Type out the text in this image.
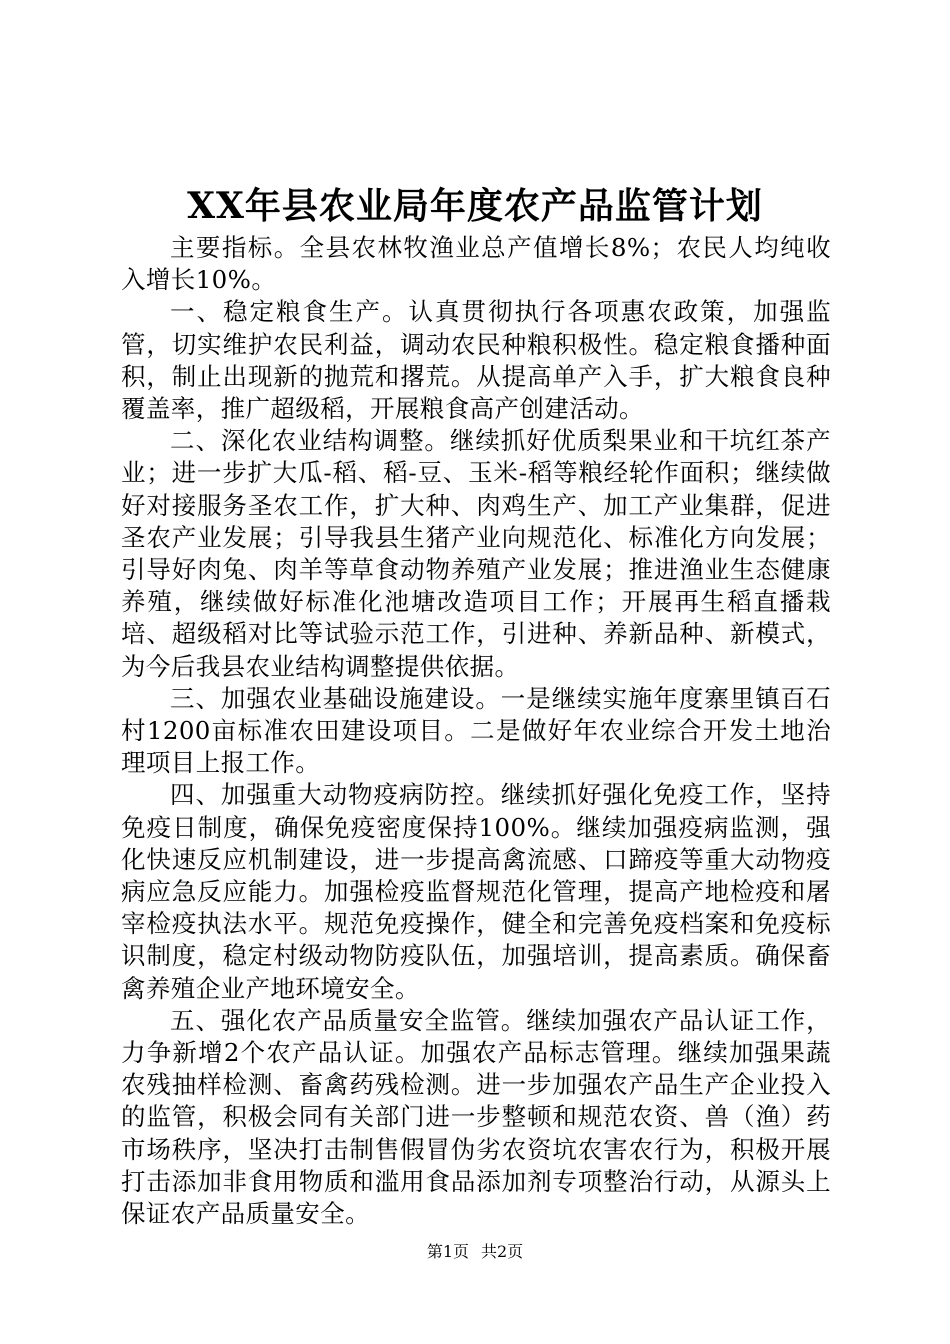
XX年县农业局年度农产品监管计划

主要指标。全县农林牧渔业总产值增长8%；农民人均纯收入增长10%。

一、稳定粮食生产。认真贯彻执行各项惠农政策，加强监管，切实维护农民利益，调动农民种粮积极性。稳定粮食播种面积，制止出现新的抛荒和撂荒。从提高单产入手，扩大粮食良种覆盖率，推广超级稻，开展粮食高产创建活动。

二、深化农业结构调整。继续抓好优质梨果业和干坑红茶产业；进一步扩大瓜-稻、稻-豆、玉米-稻等粮经轮作面积；继续做好对接服务圣农工作，扩大种、肉鸡生产、加工产业集群，促进圣农产业发展；引导我县生猪产业向规范化、标准化方向发展；引导好肉兔、肉羊等草食动物养殖产业发展；推进渔业生态健康养殖，继续做好标准化池塘改造项目工作；开展再生稻直播栽培、超级稻对比等试验示范工作，引进种、养新品种、新模式，为今后我县农业结构调整提供依据。

三、加强农业基础设施建设。一是继续实施年度寨里镇百石村1200亩标准农田建设项目。二是做好年农业综合开发土地治理项目上报工作。

四、加强重大动物疫病防控。继续抓好强化免疫工作，坚持免疫日制度，确保免疫密度保持100%。继续加强疫病监测，强化快速反应机制建设，进一步提高禽流感、口蹄疫等重大动物疫病应急反应能力。加强检疫监督规范化管理，提高产地检疫和屠宰检疫执法水平。规范免疫操作，健全和完善免疫档案和免疫标识制度，稳定村级动物防疫队伍，加强培训，提高素质。确保畜禽养殖企业产地环境安全。

五、强化农产品质量安全监管。继续加强农产品认证工作，力争新增2个农产品认证。加强农产品标志管理。继续加强果蔬农残抽样检测、畜禽药残检测。进一步加强农产品生产企业投入的监管，积极会同有关部门进一步整顿和规范农资、兽（渔）药市场秩序，坚决打击制售假冒伪劣农资坑农害农行为，积极开展打击添加非食用物质和滥用食品添加剂专项整治行动，从源头上保证农产品质量安全。

第1页 共2页
